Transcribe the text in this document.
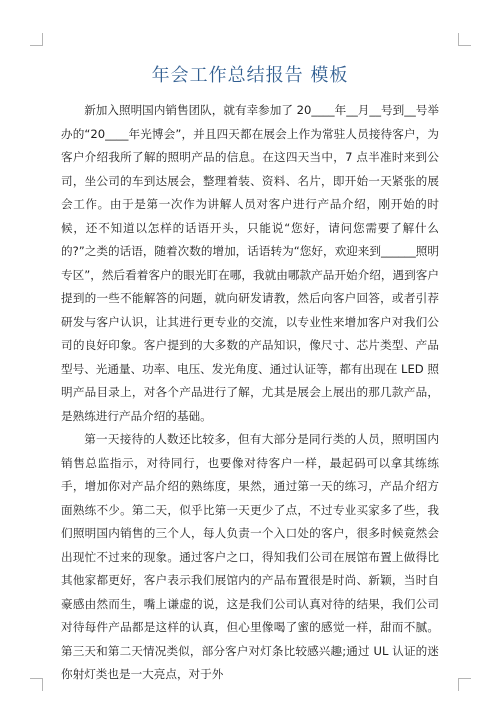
年会工作总结报告 模板

新加入照明国内销售团队，就有幸参加了 20____年__月__号到__号举办的“20____年光博会”，并且四天都在展会上作为常驻人员接待客户，为客户介绍我所了解的照明产品的信息。在这四天当中，7 点半准时来到公司，坐公司的车到达展会，整理着装、资料、名片，即开始一天紧张的展会工作。由于是第一次作为讲解人员对客户进行产品介绍，刚开始的时候，还不知道以怎样的话语开头，只能说“您好，请问您需要了解什么的?”之类的话语，随着次数的增加，话语转为“您好，欢迎来到______照明专区”，然后看着客户的眼光盯在哪，我就由哪款产品开始介绍，遇到客户提到的一些不能解答的问题，就向研发请教，然后向客户回答，或者引荐研发与客户认识，让其进行更专业的交流，以专业性来增加客户对我们公司的良好印象。客户提到的大多数的产品知识，像尺寸、芯片类型、产品型号、光通量、功率、电压、发光角度、通过认证等，都有出现在 LED 照明产品目录上，对各个产品进行了解，尤其是展会上展出的那几款产品，是熟练进行产品介绍的基础。

第一天接待的人数还比较多，但有大部分是同行类的人员，照明国内销售总监指示，对待同行，也要像对待客户一样，最起码可以拿其练练手，增加你对产品介绍的熟练度，果然，通过第一天的练习，产品介绍方面熟练不少。第二天，似乎比第一天更少了点，不过专业买家多了些，我们照明国内销售的三个人，每人负责一个入口处的客户，很多时候竟然会出现忙不过来的现象。通过客户之口，得知我们公司在展馆布置上做得比其他家都更好，客户表示我们展馆内的产品布置很是时尚、新颖，当时自豪感由然而生，嘴上谦虚的说，这是我们公司认真对待的结果，我们公司对待每件产品都是这样的认真，但心里像喝了蜜的感觉一样，甜而不腻。第三天和第二天情况类似，部分客户对灯条比较感兴趣;通过 UL 认证的迷你射灯类也是一大亮点，对于外
